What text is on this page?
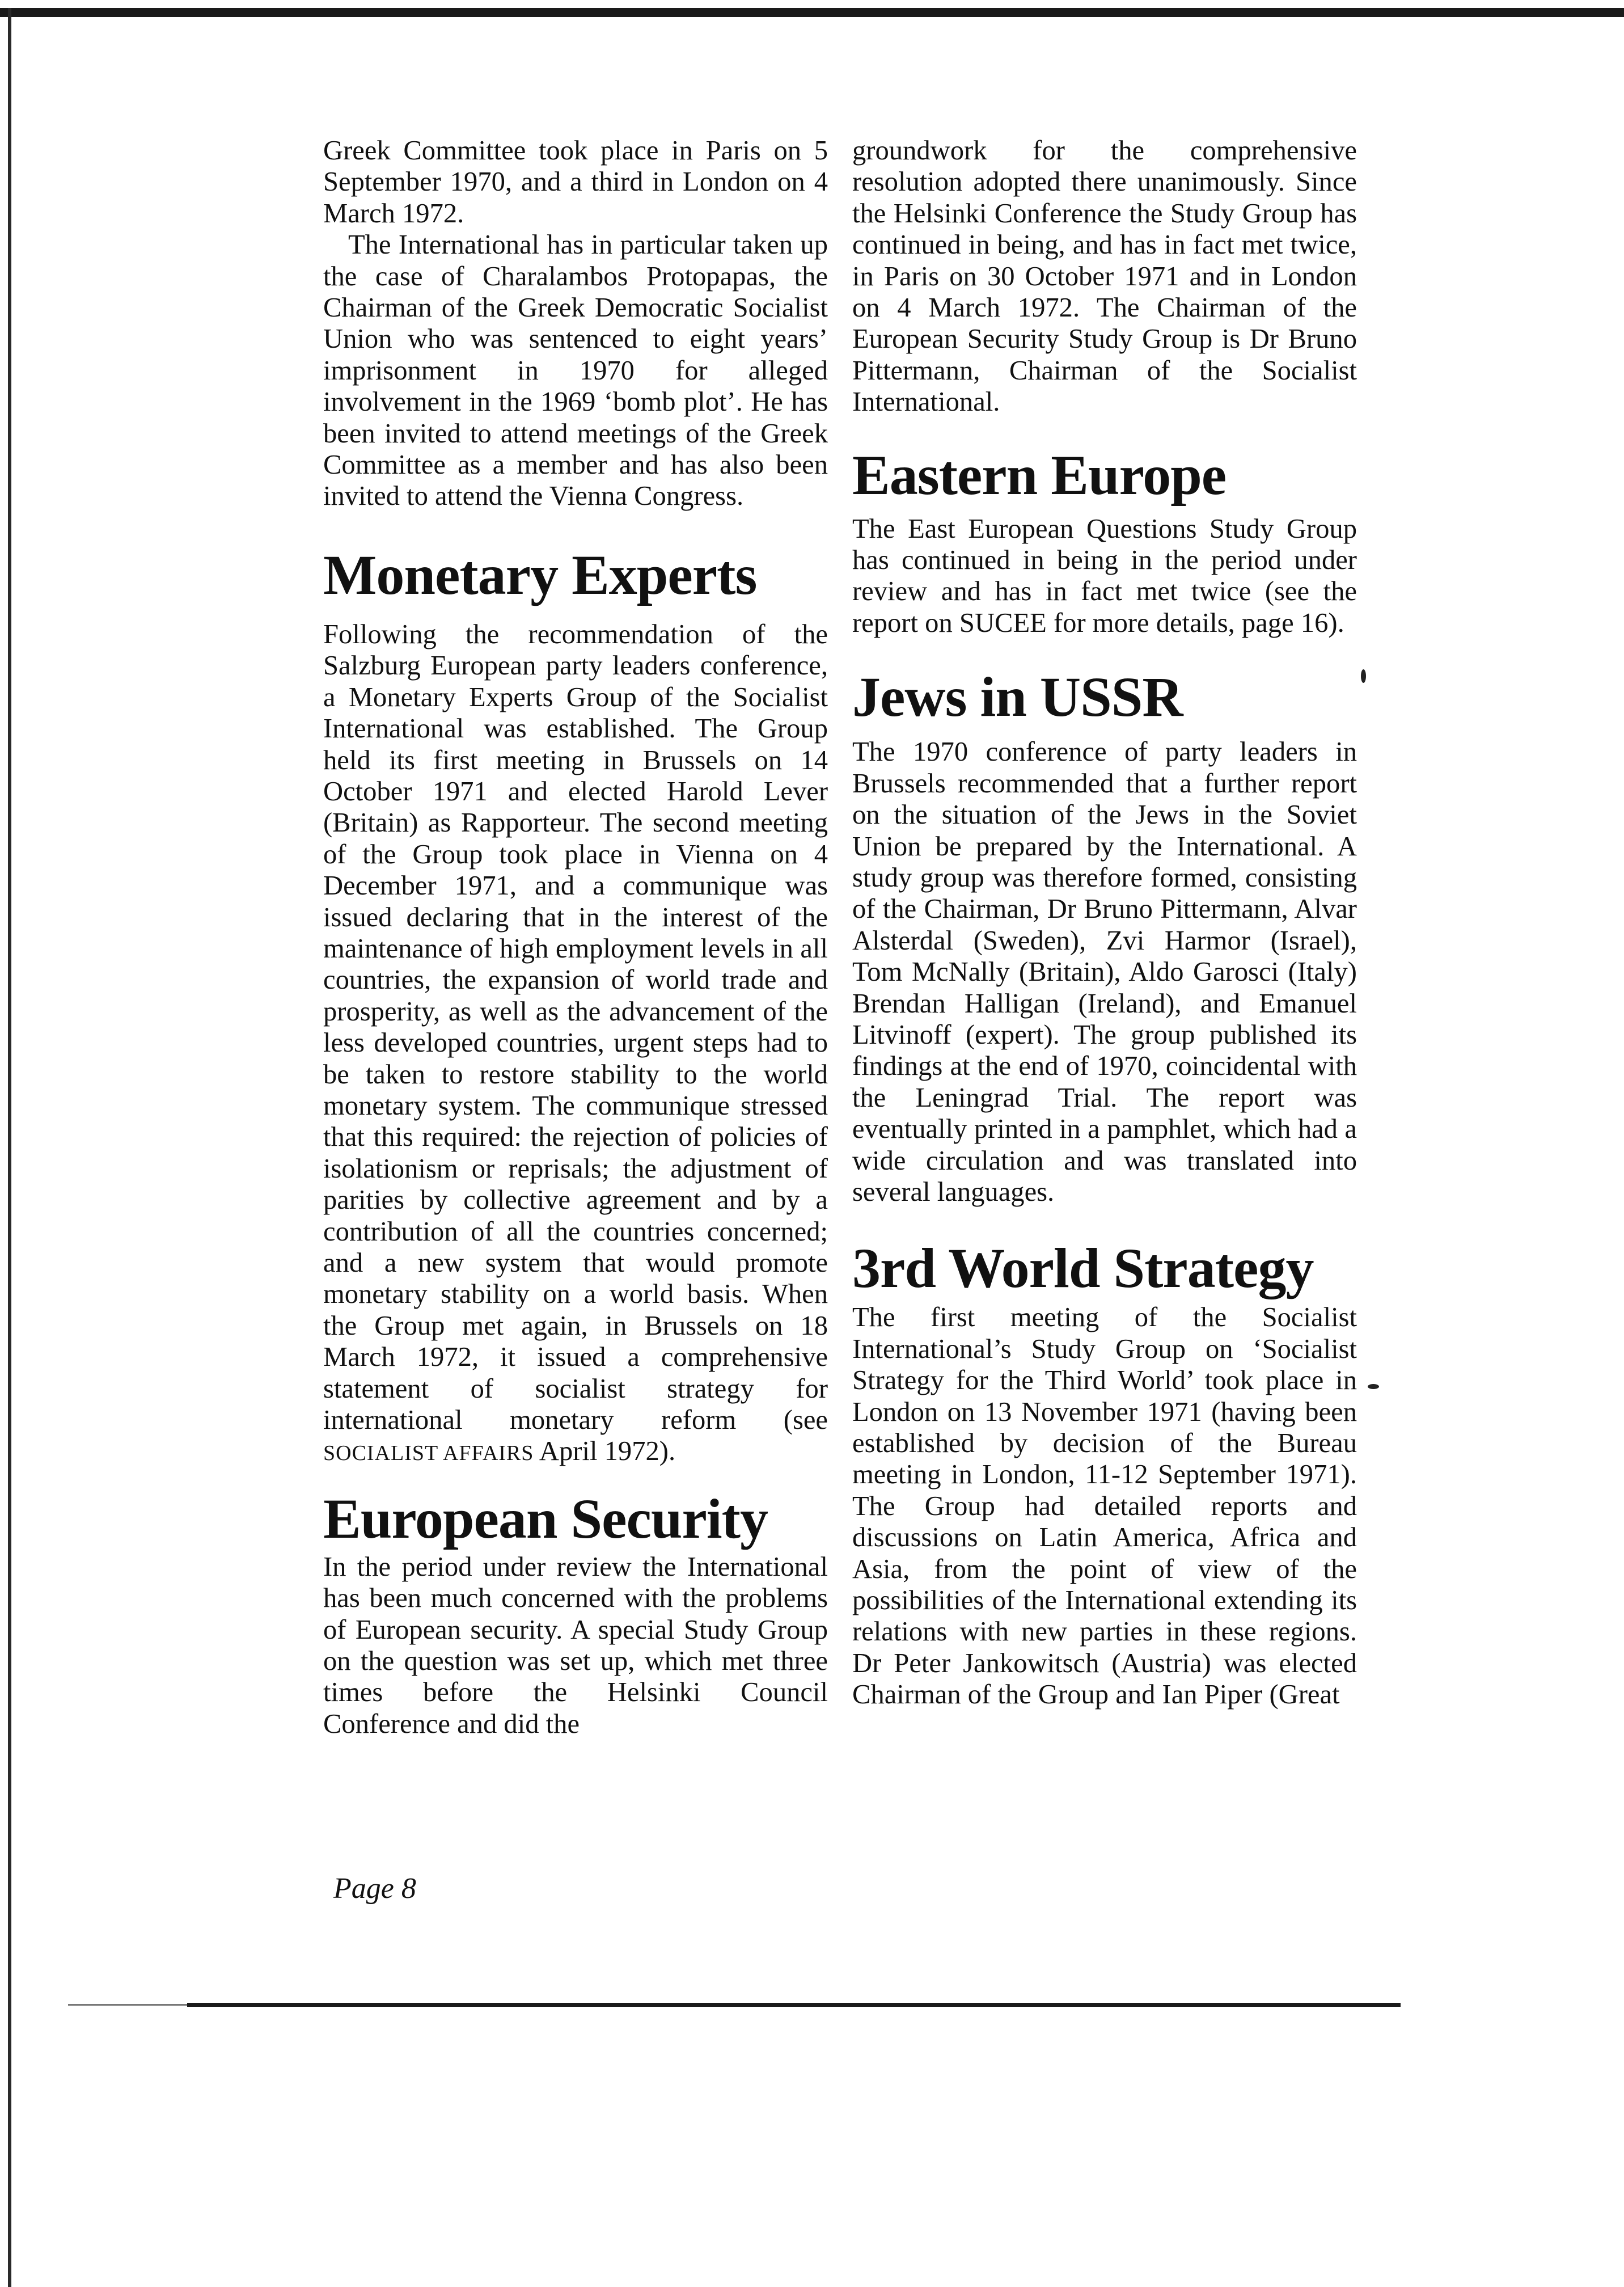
Greek Committee took place in Paris on 5 September 1970, and a third in London on 4 March 1972.

The International has in particular taken up the case of Charalambos Protopapas, the Chairman of the Greek Democratic Socialist Union who was sentenced to eight years’ imprisonment in 1970 for alleged involvement in the 1969 ‘bomb plot’. He has been invited to attend meetings of the Greek Committee as a member and has also been invited to attend the Vienna Congress.

Monetary Experts

Following the recommendation of the Salzburg European party leaders conference, a Monetary Experts Group of the Socialist International was established. The Group held its first meeting in Brussels on 14 October 1971 and elected Harold Lever (Britain) as Rapporteur. The second meeting of the Group took place in Vienna on 4 December 1971, and a communique was issued declaring that in the interest of the maintenance of high employment levels in all countries, the expansion of world trade and prosperity, as well as the advancement of the less developed countries, urgent steps had to be taken to restore stability to the world monetary system. The communique stressed that this required: the rejection of policies of isolationism or reprisals; the adjustment of parities by collective agreement and by a contribution of all the countries concerned; and a new system that would promote monetary stability on a world basis. When the Group met again, in Brussels on 18 March 1972, it issued a comprehensive statement of socialist strategy for international monetary reform (see SOCIALIST AFFAIRS April 1972).

European Security

In the period under review the International has been much concerned with the problems of European security. A special Study Group on the question was set up, which met three times before the Helsinki Council Conference and did the

groundwork for the comprehensive resolution adopted there unanimously. Since the Helsinki Conference the Study Group has continued in being, and has in fact met twice, in Paris on 30 October 1971 and in London on 4 March 1972. The Chairman of the European Security Study Group is Dr Bruno Pittermann, Chairman of the Socialist International.

Eastern Europe

The East European Questions Study Group has continued in being in the period under review and has in fact met twice (see the report on SUCEE for more details, page 16).

Jews in USSR

The 1970 conference of party leaders in Brussels recommended that a further report on the situation of the Jews in the Soviet Union be prepared by the International. A study group was therefore formed, consisting of the Chairman, Dr Bruno Pittermann, Alvar Alsterdal (Sweden), Zvi Harmor (Israel), Tom McNally (Britain), Aldo Garosci (Italy) Brendan Halligan (Ireland), and Emanuel Litvinoff (expert). The group published its findings at the end of 1970, coincidental with the Leningrad Trial. The report was eventually printed in a pamphlet, which had a wide circulation and was translated into several languages.

3rd World Strategy

The first meeting of the Socialist International’s Study Group on ‘Socialist Strategy for the Third World’ took place in London on 13 November 1971 (having been established by decision of the Bureau meeting in London, 11-12 September 1971). The Group had detailed reports and discussions on Latin America, Africa and Asia, from the point of view of the possibilities of the International extending its relations with new parties in these regions. Dr Peter Jankowitsch (Austria) was elected Chairman of the Group and Ian Piper (Great

Page 8
